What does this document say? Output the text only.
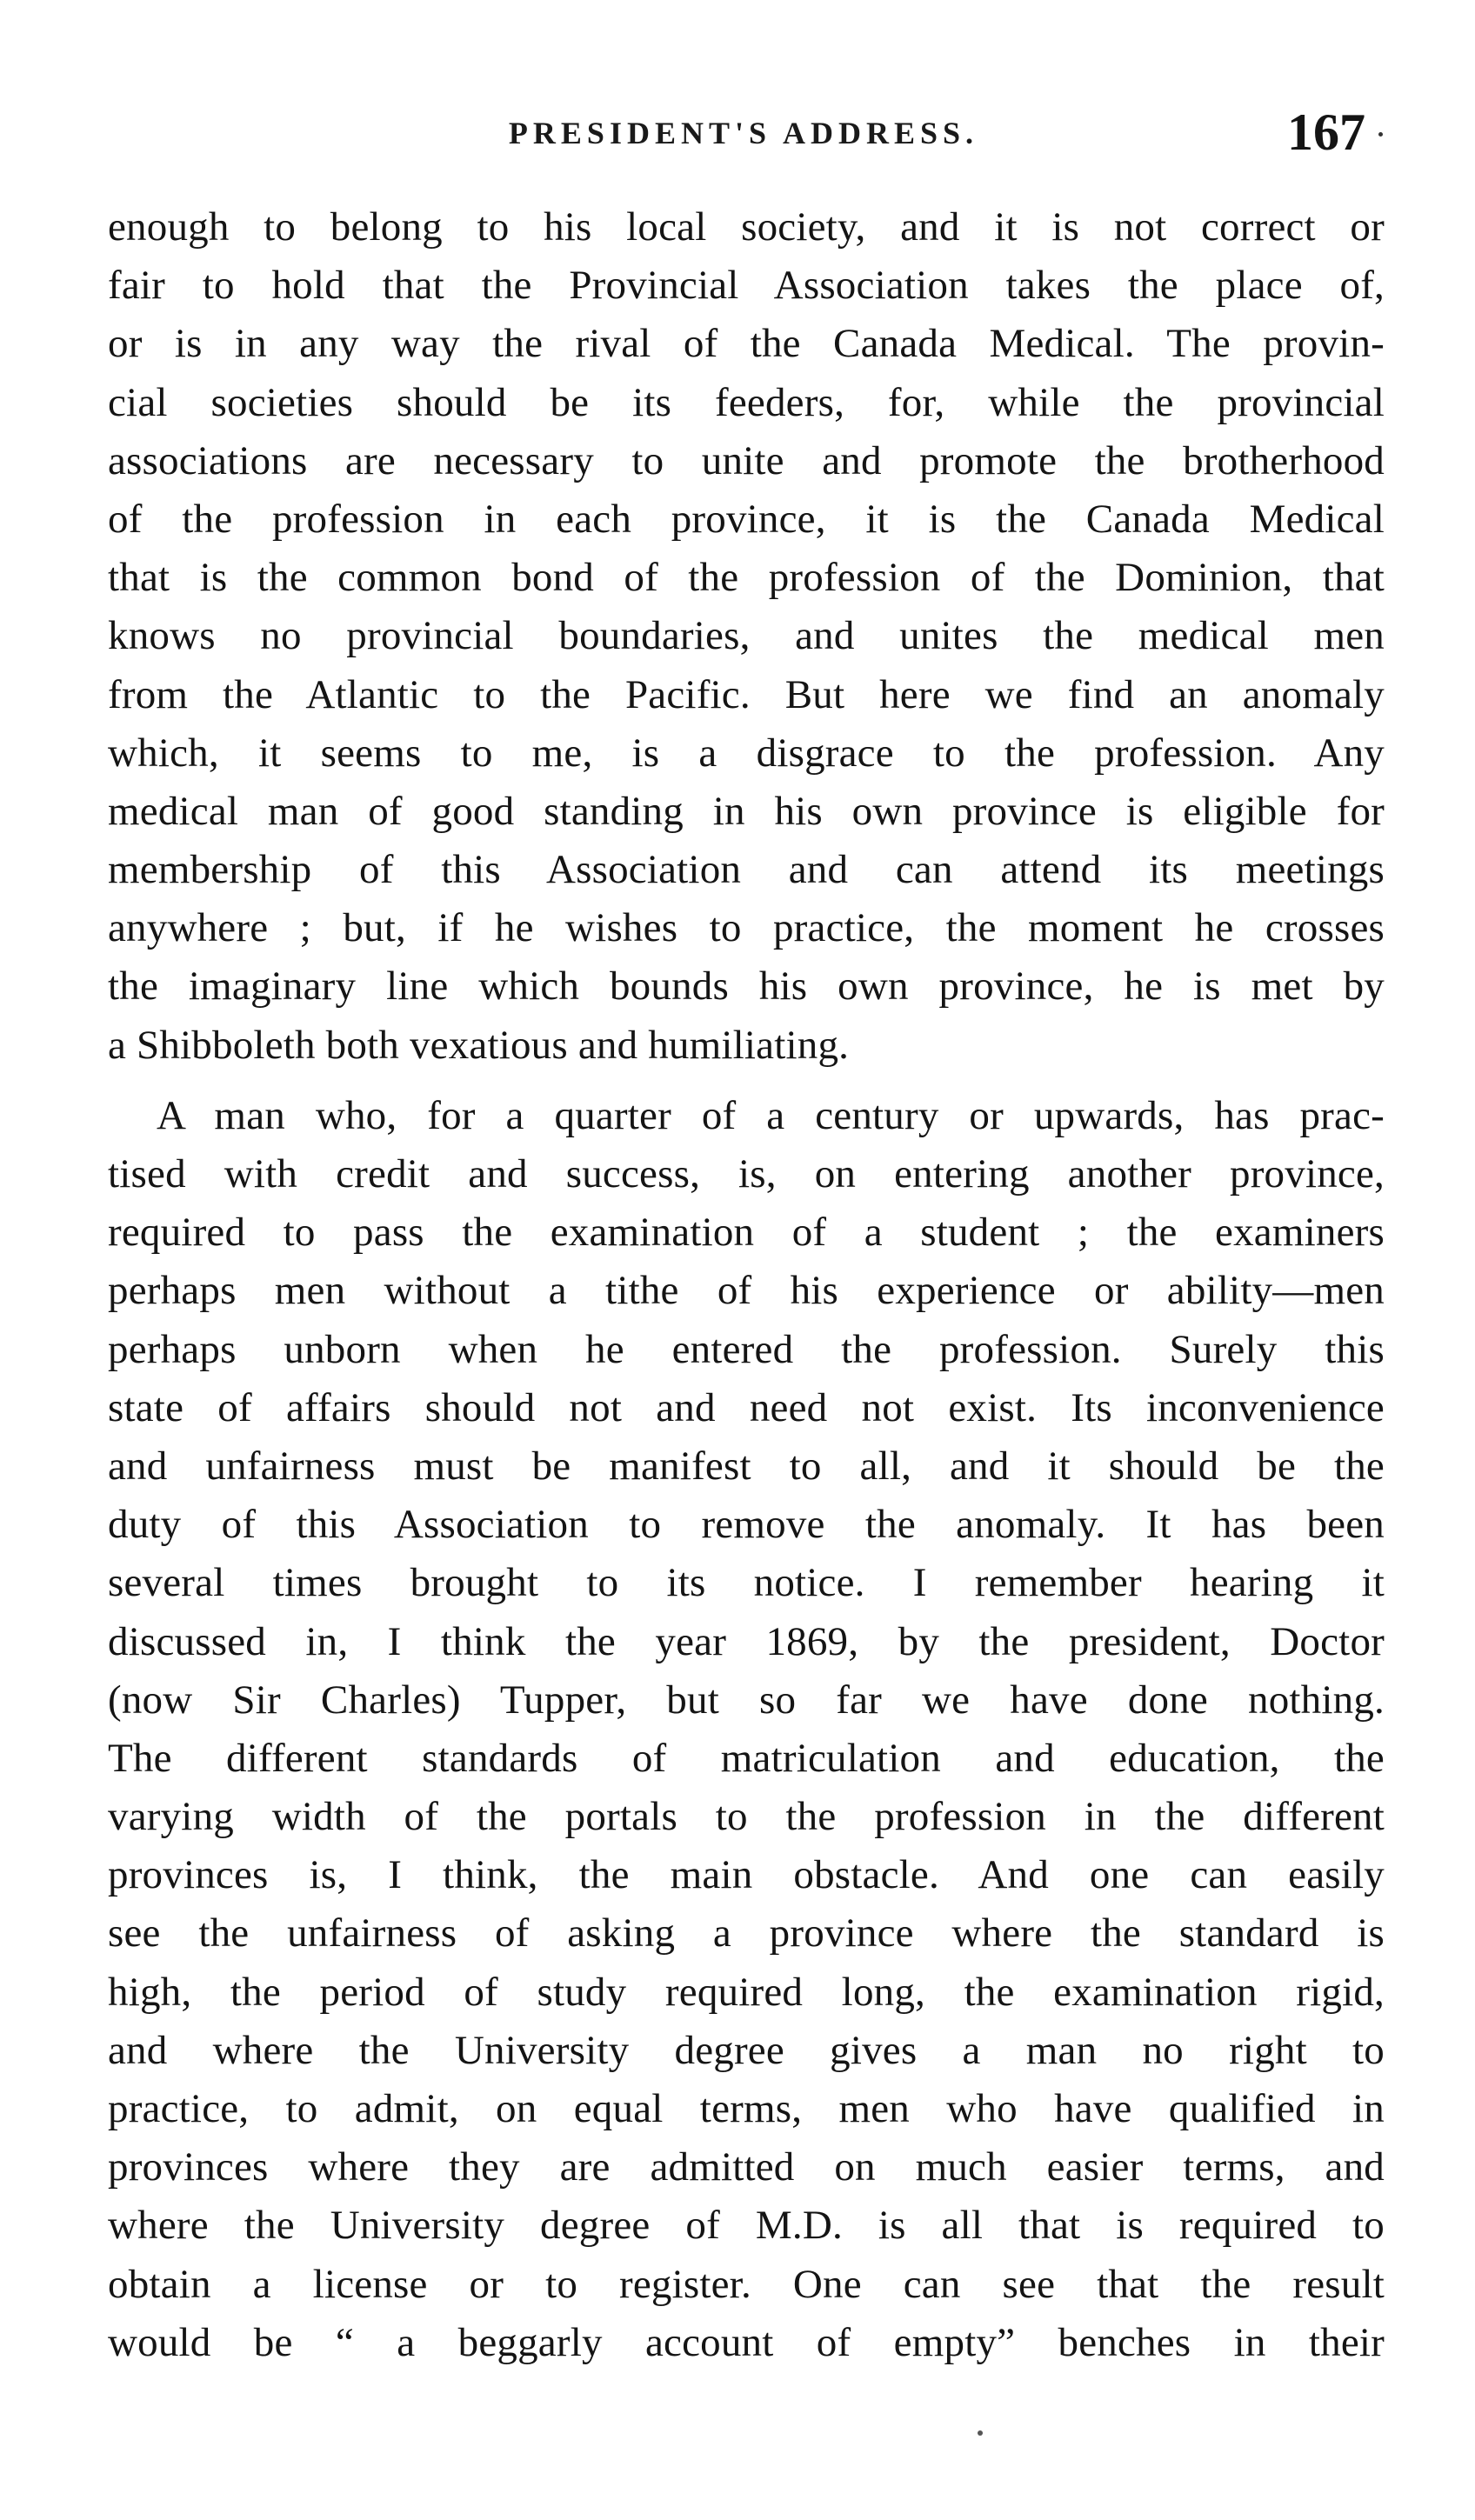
PRESIDENT'S ADDRESS.	167
enough to belong to his local society, and it is not correct or
fair to hold that the Provincial Association takes the place of,
or is in any way the rival of the Canada Medical. The provin-
cial societies should be its feeders, for, while the provincial
associations are necessary to unite and promote the brotherhood
of the profession in each province, it is the Canada Medical
that is the common bond of the profession of the Dominion, that
knows no provincial boundaries, and unites the medical men
from the Atlantic to the Pacific. But here we find an anomaly
which, it seems to me, is a disgrace to the profession. Any
medical man of good standing in his own province is eligible for
membership of this Association and can attend its meetings
anywhere ; but, if he wishes to practice, the moment he crosses
the imaginary line which bounds his own province, he is met by
a Shibboleth both vexatious and humiliating.
A man who, for a quarter of a century or upwards, has prac-
tised with credit and success, is, on entering another province,
required to pass the examination of a student ; the examiners
perhaps men without a tithe of his experience or ability—men
perhaps unborn when he entered the profession. Surely this
state of affairs should not and need not exist. Its inconvenience
and unfairness must be manifest to all, and it should be the
duty of this Association to remove the anomaly. It has been
several times brought to its notice. I remember hearing it
discussed in, I think the year 1869, by the president, Doctor
(now Sir Charles) Tupper, but so far we have done nothing.
The different standards of matriculation and education, the
varying width of the portals to the profession in the different
provinces is, I think, the main obstacle. And one can easily
see the unfairness of asking a province where the standard is
high, the period of study required long, the examination rigid,
and where the University degree gives a man no right to
practice, to admit, on equal terms, men who have qualified in
provinces where they are admitted on much easier terms, and
where the University degree of M.D. is all that is required to
obtain a license or to register. One can see that the result
would be “ a beggarly account of empty” benches in their
